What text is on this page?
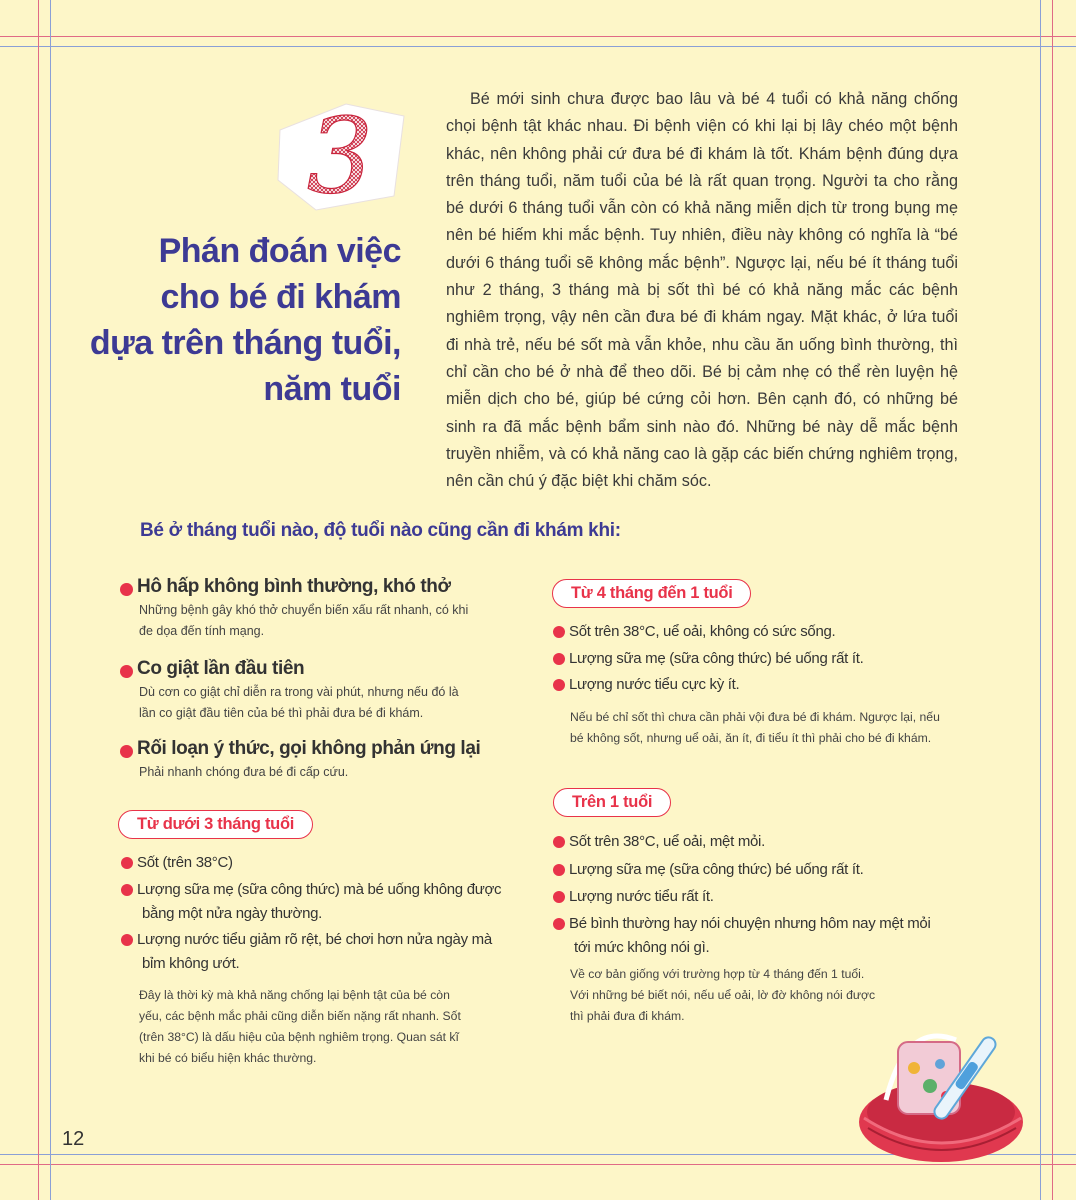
3
Phán đoán việc
cho bé đi khám
dựa trên tháng tuổi,
năm tuổi
Bé mới sinh chưa được bao lâu và bé 4 tuổi có khả năng chống chọi bệnh tật khác nhau. Đi bệnh viện có khi lại bị lây chéo một bệnh khác, nên không phải cứ đưa bé đi khám là tốt. Khám bệnh đúng dựa trên tháng tuổi, năm tuổi của bé là rất quan trọng. Người ta cho rằng bé dưới 6 tháng tuổi vẫn còn có khả năng miễn dịch từ trong bụng mẹ nên bé hiếm khi mắc bệnh. Tuy nhiên, điều này không có nghĩa là “bé dưới 6 tháng tuổi sẽ không mắc bệnh”. Ngược lại, nếu bé ít tháng tuổi như 2 tháng, 3 tháng mà bị sốt thì bé có khả năng mắc các bệnh nghiêm trọng, vậy nên cần đưa bé đi khám ngay. Mặt khác, ở lứa tuổi đi nhà trẻ, nếu bé sốt mà vẫn khỏe, nhu cầu ăn uống bình thường, thì chỉ cần cho bé ở nhà để theo dõi. Bé bị cảm nhẹ có thể rèn luyện hệ miễn dịch cho bé, giúp bé cứng cỏi hơn. Bên cạnh đó, có những bé sinh ra đã mắc bệnh bẩm sinh nào đó. Những bé này dễ mắc bệnh truyền nhiễm, và có khả năng cao là gặp các biến chứng nghiêm trọng, nên cần chú ý đặc biệt khi chăm sóc.
Bé ở tháng tuổi nào, độ tuổi nào cũng cần đi khám khi:
Hô hấp không bình thường, khó thở
Những bệnh gây khó thở chuyển biến xấu rất nhanh, có khi
đe dọa đến tính mạng.
Co giật lần đầu tiên
Dù cơn co giật chỉ diễn ra trong vài phút, nhưng nếu đó là
lần co giật đầu tiên của bé thì phải đưa bé đi khám.
Rối loạn ý thức, gọi không phản ứng lại
Phải nhanh chóng đưa bé đi cấp cứu.
Từ dưới 3 tháng tuổi
Sốt (trên 38°C)
Lượng sữa mẹ (sữa công thức) mà bé uống không được
bằng một nửa ngày thường.
Lượng nước tiểu giảm rõ rệt, bé chơi hơn nửa ngày mà
bỉm không ướt.
Đây là thời kỳ mà khả năng chống lại bệnh tật của bé còn
yếu, các bệnh mắc phải cũng diễn biến nặng rất nhanh. Sốt
(trên 38°C) là dấu hiệu của bệnh nghiêm trọng. Quan sát kĩ
khi bé có biểu hiện khác thường.
Từ 4 tháng đến 1 tuổi
Sốt trên 38°C, uể oải, không có sức sống.
Lượng sữa mẹ (sữa công thức) bé uống rất ít.
Lượng nước tiểu cực kỳ ít.
Nếu bé chỉ sốt thì chưa cần phải vội đưa bé đi khám. Ngược lại, nếu
bé không sốt, nhưng uể oải, ăn ít, đi tiểu ít thì phải cho bé đi khám.
Trên 1 tuổi
Sốt trên 38°C, uể oải, mệt mỏi.
Lượng sữa mẹ (sữa công thức) bé uống rất ít.
Lượng nước tiểu rất ít.
Bé bình thường hay nói chuyện nhưng hôm nay mệt mỏi
tới mức không nói gì.
Về cơ bản giống với trường hợp từ 4 tháng đến 1 tuổi.
Với những bé biết nói, nếu uể oải, lờ đờ không nói được
thì phải đưa đi khám.
12
